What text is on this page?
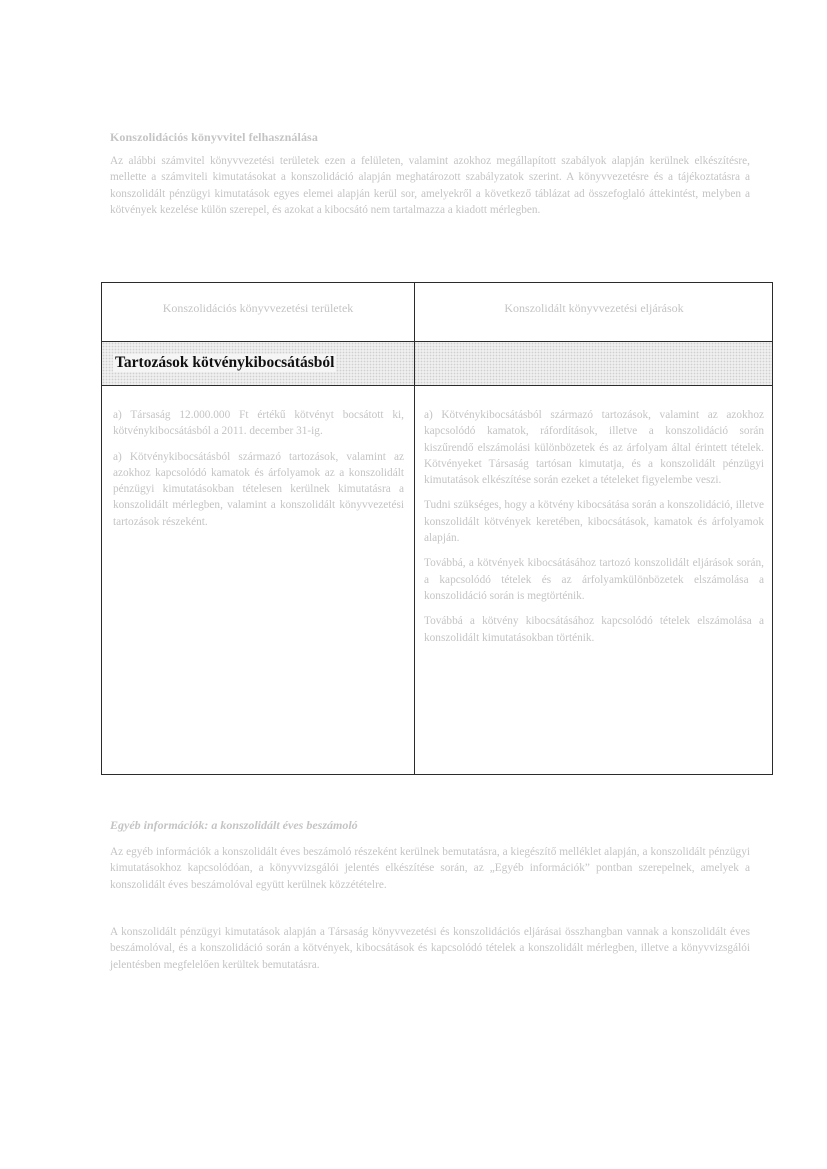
Konszolidációs könyvvitel felhasználása
Az alábbi számvitel könyvvezetési területek ezen a felületen, valamint azokhoz megállapított szabályok alapján kerülnek elkészítésre, mellette a számviteli kimutatásokat a konszolidáció alapján meghatározott szabályzatok szerint. A könyvvezetésre és a tájékoztatásra a konszolidált pénzügyi kimutatások egyes elemei alapján kerül sor, amelyekről a következő táblázat ad összefoglaló áttekintést, melyben a kötvények kezelése külön szerepel, és azokat a kibocsátó nem tartalmazza a kiadott mérlegben.
Konszolidációs könyvvezetési területek	Konszolidált könyvvezetési eljárások
Tartozások kötvénykibocsátásból

a) Társaság 12.000.000 Ft értékű kötvényt bocsátott ki, kötvénykibocsátásból a 2011. december 31-ig.

a) Kötvénykibocsátásból származó tartozások, valamint az azokhoz kapcsolódó kamatok és árfolyamok az a konszolidált pénzügyi kimutatásokban tételesen kerülnek kimutatásra a konszolidált mérlegben, valamint a konszolidált könyvvezetési tartozások részeként.

a) Kötvénykibocsátásból származó tartozások, valamint az azokhoz kapcsolódó kamatok, ráfordítások, illetve a konszolidáció során kiszűrendő elszámolási különbözetek és az árfolyam által érintett tételek. Kötvényeket Társaság tartósan kimutatja, és a konszolidált pénzügyi kimutatások elkészítése során ezeket a tételeket figyelembe veszi.

Tudni szükséges, hogy a kötvény kibocsátása során a konszolidáció, illetve konszolidált kötvények keretében, kibocsátások, kamatok és árfolyamok alapján.

Továbbá, a kötvények kibocsátásához tartozó konszolidált eljárások során, a kapcsolódó tételek és az árfolyamkülönbözetek elszámolása a konszolidáció során is megtörténik.

Továbbá a kötvény kibocsátásához kapcsolódó tételek elszámolása a konszolidált kimutatásokban történik.

Egyéb információk: a konszolidált éves beszámoló
Az egyéb információk a konszolidált éves beszámoló részeként kerülnek bemutatásra, a kiegészítő melléklet alapján, a konszolidált pénzügyi kimutatásokhoz kapcsolódóan, a könyvvizsgálói jelentés elkészítése során, az „Egyéb információk” pontban szerepelnek, amelyek a konszolidált éves beszámolóval együtt kerülnek közzétételre.
A konszolidált pénzügyi kimutatások alapján a Társaság könyvvezetési és konszolidációs eljárásai összhangban vannak a konszolidált éves beszámolóval, és a konszolidáció során a kötvények, kibocsátások és kapcsolódó tételek a konszolidált mérlegben, illetve a könyvvizsgálói jelentésben megfelelően kerültek bemutatásra.
